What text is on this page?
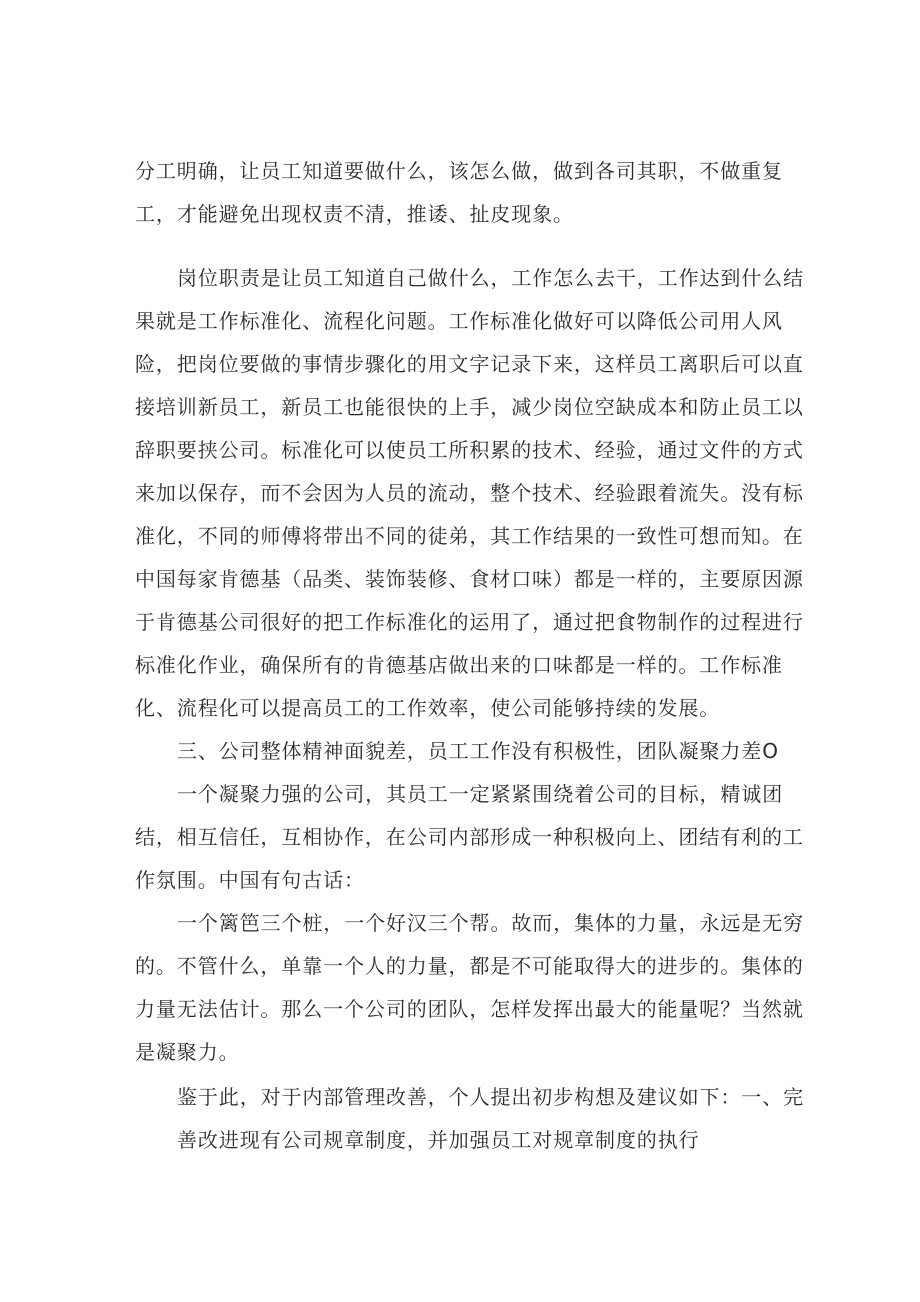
分工明确，让员工知道要做什么，该怎么做，做到各司其职，不做重复

工，才能避免出现权责不清，推诿、扯皮现象。

岗位职责是让员工知道自己做什么，工作怎么去干，工作达到什么结

果就是工作标准化、流程化问题。工作标准化做好可以降低公司用人风

险，把岗位要做的事情步骤化的用文字记录下来，这样员工离职后可以直

接培训新员工，新员工也能很快的上手，减少岗位空缺成本和防止员工以

辞职要挟公司。标准化可以使员工所积累的技术、经验，通过文件的方式

来加以保存，而不会因为人员的流动，整个技术、经验跟着流失。没有标

准化，不同的师傅将带出不同的徒弟，其工作结果的一致性可想而知。在

中国每家肯德基（品类、装饰装修、食材口味）都是一样的，主要原因源

于肯德基公司很好的把工作标准化的运用了，通过把食物制作的过程进行

标准化作业，确保所有的肯德基店做出来的口味都是一样的。工作标准

化、流程化可以提高员工的工作效率，使公司能够持续的发展。

三、公司整体精神面貌差，员工工作没有积极性，团队凝聚力差O

一个凝聚力强的公司，其员工一定紧紧围绕着公司的目标，精诚团

结，相互信任，互相协作，在公司内部形成一种积极向上、团结有利的工

作氛围。中国有句古话：

一个篱笆三个桩，一个好汉三个帮。故而，集体的力量，永远是无穷

的。不管什么，单靠一个人的力量，都是不可能取得大的进步的。集体的

力量无法估计。那么一个公司的团队，怎样发挥出最大的能量呢？当然就

是凝聚力。

鉴于此，对于内部管理改善，个人提出初步构想及建议如下：一、完

善改进现有公司规章制度，并加强员工对规章制度的执行
